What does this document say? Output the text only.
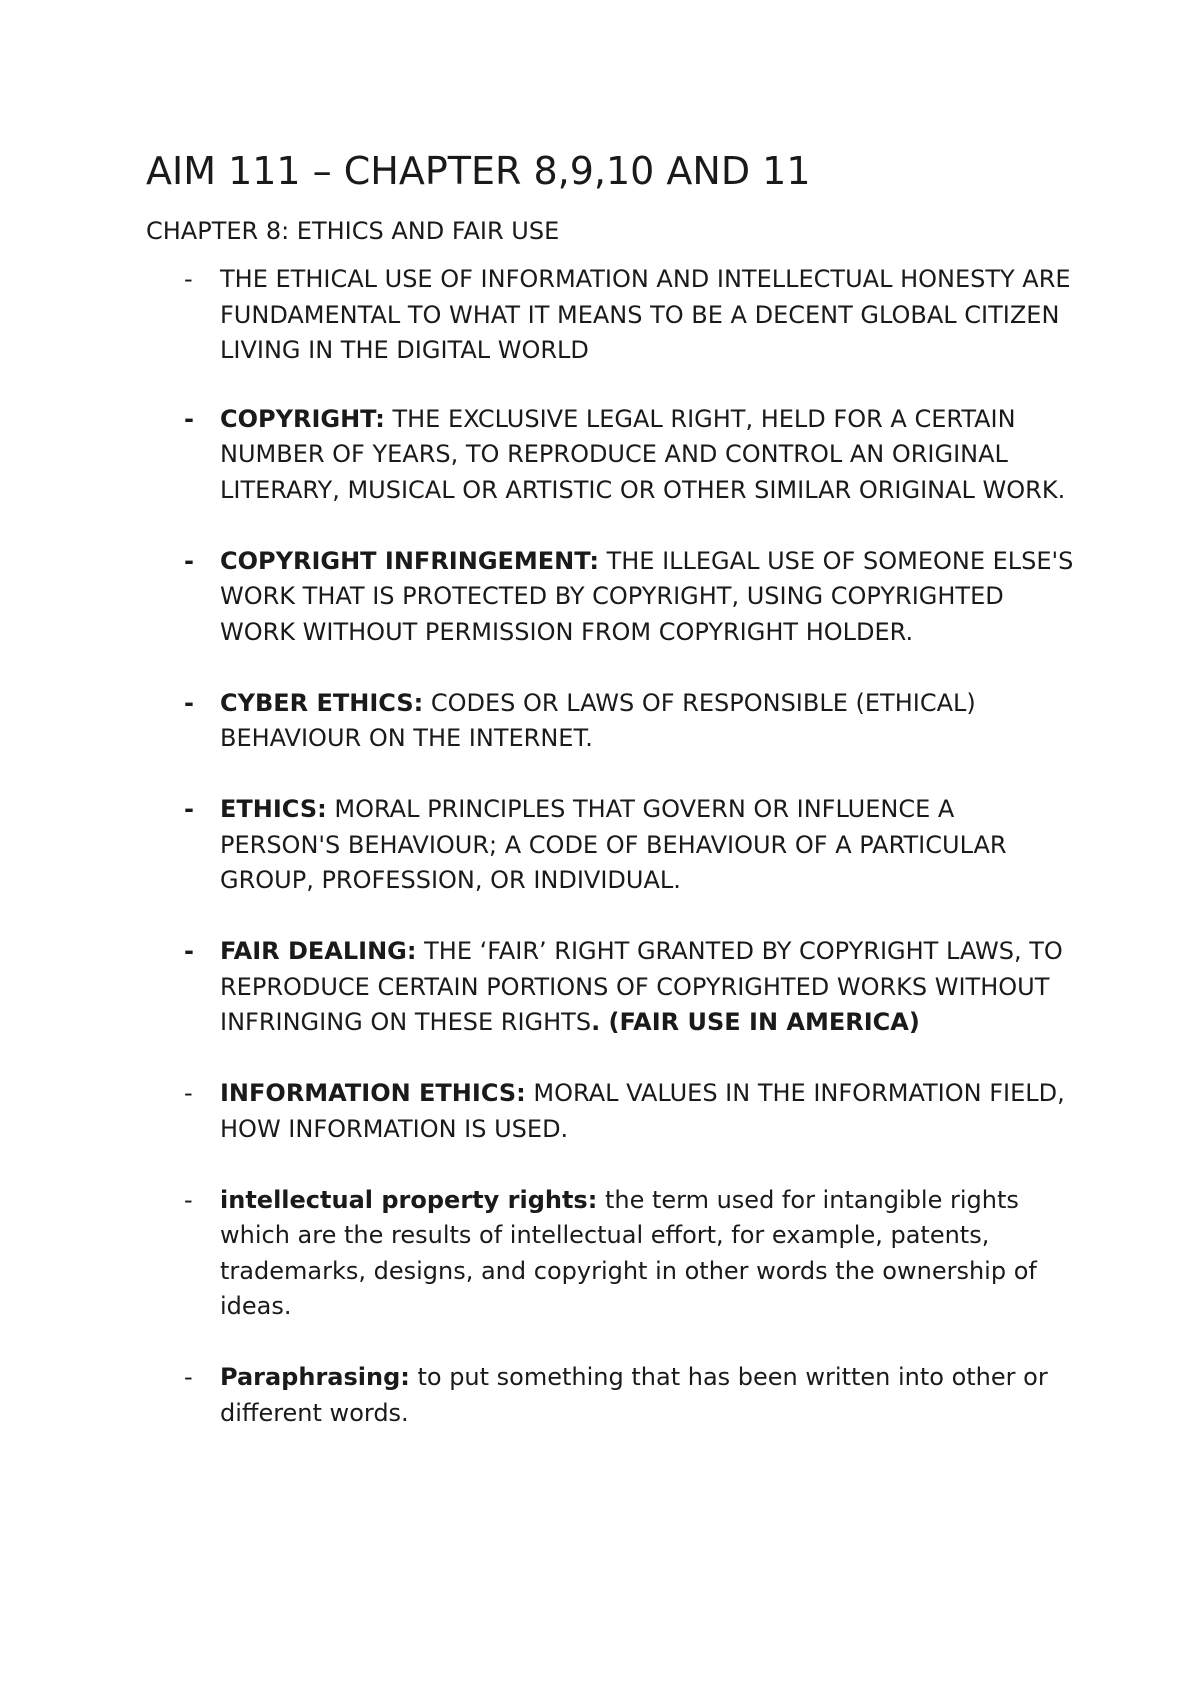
AIM 111 – CHAPTER 8,9,10 AND 11

CHAPTER 8: ETHICS AND FAIR USE

- THE ETHICAL USE OF INFORMATION AND INTELLECTUAL HONESTY ARE FUNDAMENTAL TO WHAT IT MEANS TO BE A DECENT GLOBAL CITIZEN LIVING IN THE DIGITAL WORLD
- COPYRIGHT: THE EXCLUSIVE LEGAL RIGHT, HELD FOR A CERTAIN NUMBER OF YEARS, TO REPRODUCE AND CONTROL AN ORIGINAL LITERARY, MUSICAL OR ARTISTIC OR OTHER SIMILAR ORIGINAL WORK.
- COPYRIGHT INFRINGEMENT: THE ILLEGAL USE OF SOMEONE ELSE'S WORK THAT IS PROTECTED BY COPYRIGHT, USING COPYRIGHTED WORK WITHOUT PERMISSION FROM COPYRIGHT HOLDER.
- CYBER ETHICS: CODES OR LAWS OF RESPONSIBLE (ETHICAL) BEHAVIOUR ON THE INTERNET.
- ETHICS: MORAL PRINCIPLES THAT GOVERN OR INFLUENCE A PERSON'S BEHAVIOUR; A CODE OF BEHAVIOUR OF A PARTICULAR GROUP, PROFESSION, OR INDIVIDUAL.
- FAIR DEALING: THE ‘FAIR’ RIGHT GRANTED BY COPYRIGHT LAWS, TO REPRODUCE CERTAIN PORTIONS OF COPYRIGHTED WORKS WITHOUT INFRINGING ON THESE RIGHTS. (FAIR USE IN AMERICA)
- INFORMATION ETHICS: MORAL VALUES IN THE INFORMATION FIELD, HOW INFORMATION IS USED.
- intellectual property rights: the term used for intangible rights which are the results of intellectual effort, for example, patents, trademarks, designs, and copyright in other words the ownership of ideas.
- Paraphrasing: to put something that has been written into other or different words.
